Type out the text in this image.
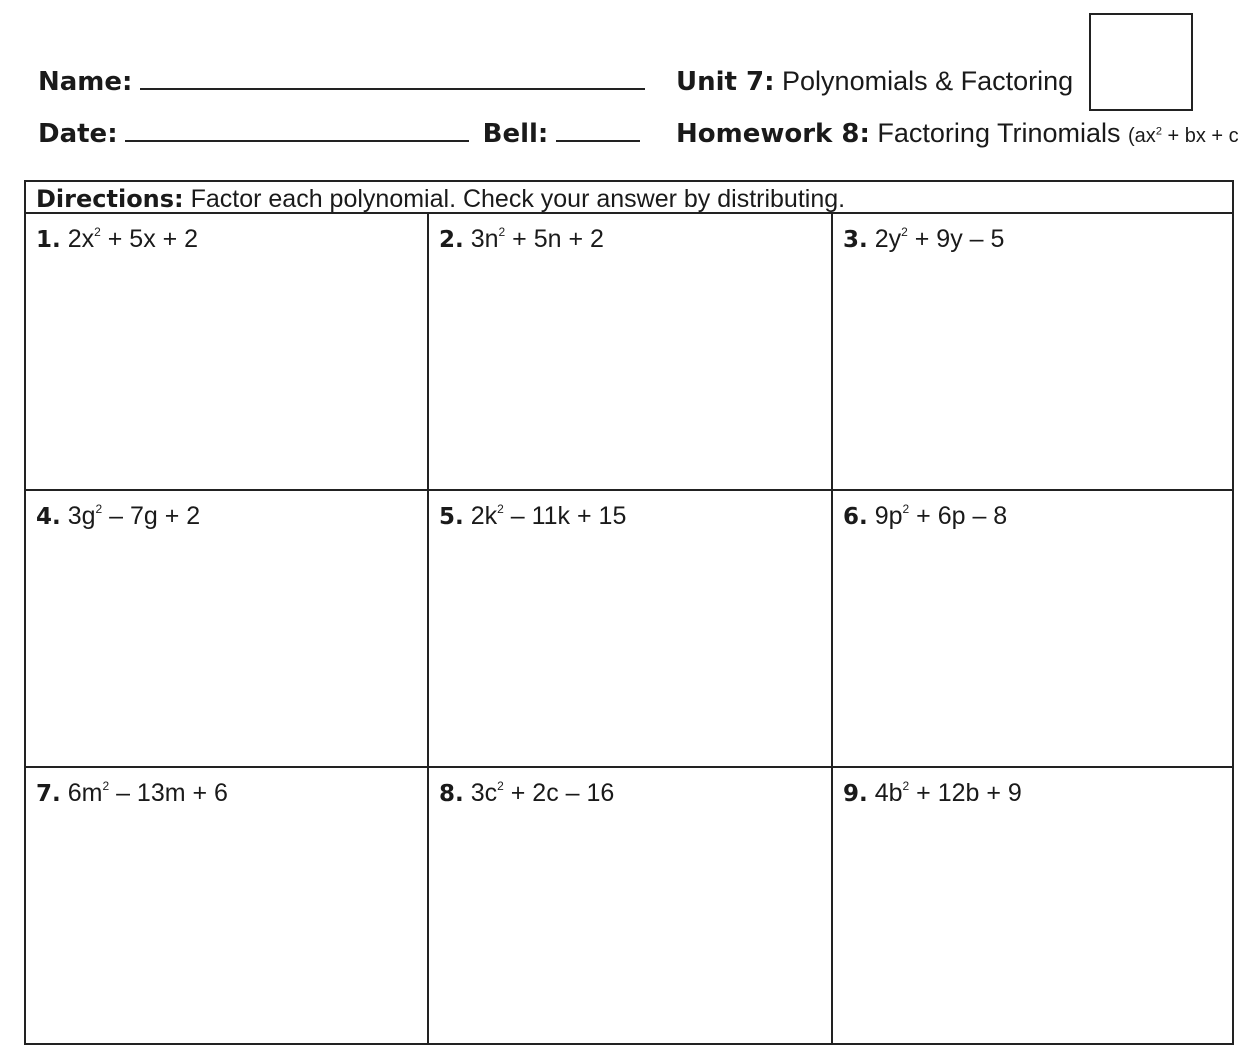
Name:	Unit 7: Polynomials & Factoring
Date:	Bell:	Homework 8: Factoring Trinomials ($ax^2$ + bx + c
Directions: Factor each polynomial. Check your answer by distributing.
1. $2x^2 + 5x + 2$	2. $3n^2 + 5n + 2$	3. $2y^2 + 9y - 5$
4. $3g^2 - 7g + 2$	5. $2k^2 - 11k + 15$	6. $9p^2 + 6p - 8$
7. $6m^2 - 13m + 6$	8. $3c^2 + 2c - 16$	9. $4b^2 + 12b + 9$
